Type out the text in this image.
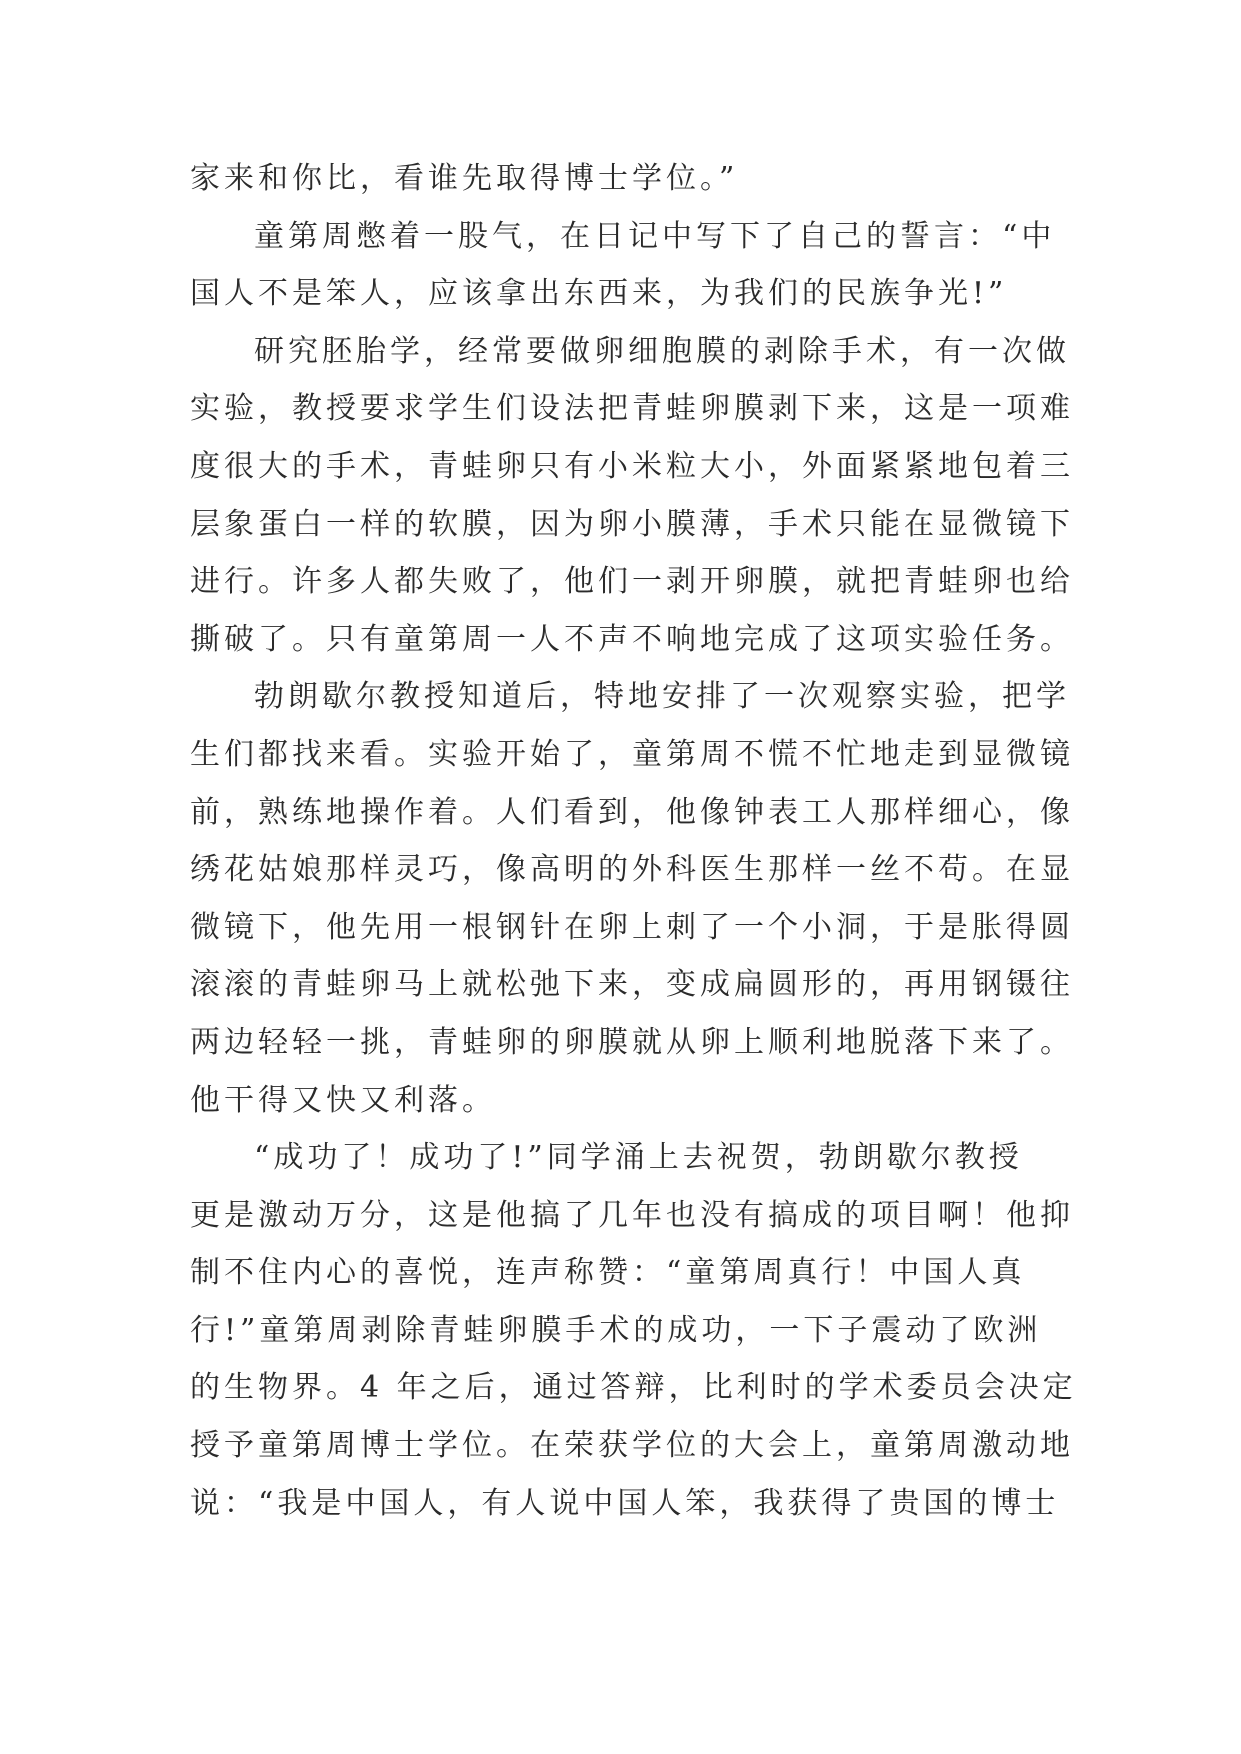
家来和你比，看谁先取得博士学位。”
童第周憋着一股气，在日记中写下了自己的誓言：“中
国人不是笨人，应该拿出东西来，为我们的民族争光!”
研究胚胎学，经常要做卵细胞膜的剥除手术，有一次做
实验，教授要求学生们设法把青蛙卵膜剥下来，这是一项难
度很大的手术，青蛙卵只有小米粒大小，外面紧紧地包着三
层象蛋白一样的软膜，因为卵小膜薄，手术只能在显微镜下
进行。许多人都失败了，他们一剥开卵膜，就把青蛙卵也给
撕破了。只有童第周一人不声不响地完成了这项实验任务。
勃朗歇尔教授知道后，特地安排了一次观察实验，把学
生们都找来看。实验开始了，童第周不慌不忙地走到显微镜
前，熟练地操作着。人们看到，他像钟表工人那样细心，像
绣花姑娘那样灵巧，像高明的外科医生那样一丝不苟。在显
微镜下，他先用一根钢针在卵上刺了一个小洞，于是胀得圆
滚滚的青蛙卵马上就松弛下来，变成扁圆形的，再用钢镊往
两边轻轻一挑，青蛙卵的卵膜就从卵上顺利地脱落下来了。
他干得又快又利落。
“成功了！成功了!”同学涌上去祝贺，勃朗歇尔教授
更是激动万分，这是他搞了几年也没有搞成的项目啊！他抑
制不住内心的喜悦，连声称赞：“童第周真行！中国人真
行!”童第周剥除青蛙卵膜手术的成功，一下子震动了欧洲
的生物界。4 年之后，通过答辩，比利时的学术委员会决定
授予童第周博士学位。在荣获学位的大会上，童第周激动地
说：“我是中国人，有人说中国人笨，我获得了贵国的博士
